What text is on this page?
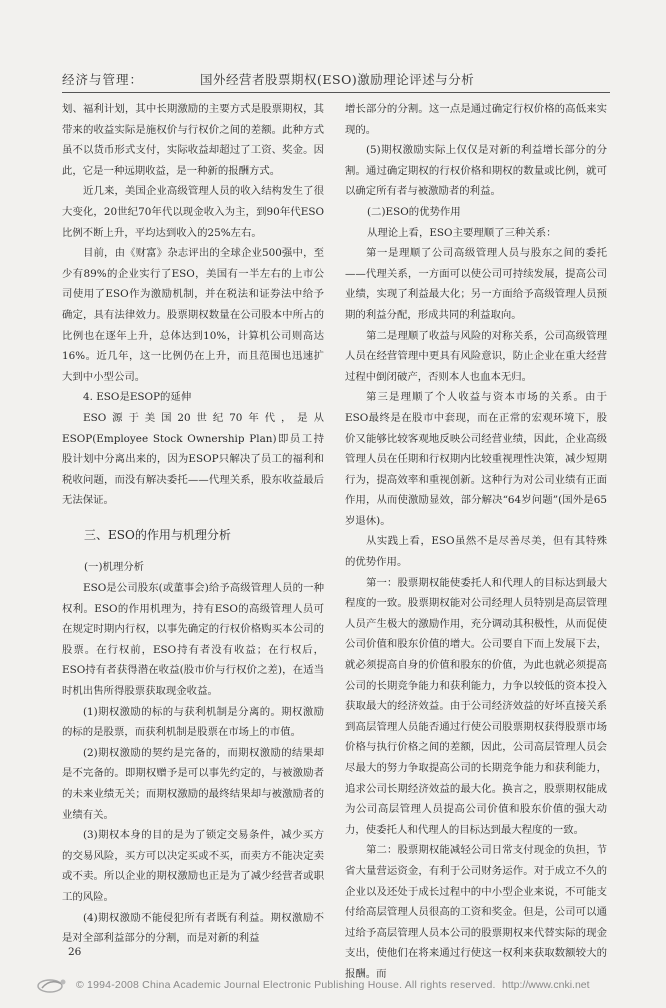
经济与管理：	国外经营者股票期权(ESO)激励理论评述与分析

划、福利计划，其中长期激励的主要方式是股票期权，其带来的收益实际是施权价与行权价之间的差额。此种方式虽不以货币形式支付，实际收益却超过了工资、奖金。因此，它是一种远期收益，是一种新的报酬方式。

近几来，美国企业高级管理人员的收入结构发生了很大变化，20世纪70年代以现金收入为主，到90年代ESO比例不断上升，平均达到收入的25%左右。

目前，由《财富》杂志评出的全球企业500强中，至少有89%的企业实行了ESO，美国有一半左右的上市公司使用了ESO作为激励机制，并在税法和证券法中给予确定，具有法律效力。股票期权数量在公司股本中所占的比例也在逐年上升，总体达到10%，计算机公司则高达16%。近几年，这一比例仍在上升，而且范围也迅速扩大到中小型公司。

4. ESO是ESOP的延伸

ESO源于美国20世纪70年代，是从ESOP(Employee Stock Ownership Plan)即员工持股计划中分离出来的，因为ESOP只解决了员工的福利和税收问题，而没有解决委托——代理关系，股东收益最后无法保证。

三、ESO的作用与机理分析

(一)机理分析

ESO是公司股东(或董事会)给予高级管理人员的一种权利。ESO的作用机理为，持有ESO的高级管理人员可在规定时期内行权，以事先确定的行权价格购买本公司的股票。在行权前，ESO持有者没有收益；在行权后，ESO持有者获得潜在收益(股市价与行权价之差)，在适当时机出售所得股票获取现金收益。

(1)期权激励的标的与获利机制是分离的。期权激励的标的是股票，而获利机制是股票在市场上的市值。

(2)期权激励的契约是完备的，而期权激励的结果却是不完备的。即期权赠予是可以事先约定的，与被激励者的未来业绩无关；而期权激励的最终结果却与被激励者的业绩有关。

(3)期权本身的目的是为了锁定交易条件，减少买方的交易风险，买方可以决定买或不买，而卖方不能决定卖或不卖。所以企业的期权激励也正是为了减少经营者或职工的风险。

(4)期权激励不能侵犯所有者既有利益。期权激励不是对全部利益部分的分割，而是对新的利益

增长部分的分割。这一点是通过确定行权价格的高低来实现的。

(5)期权激励实际上仅仅是对新的利益增长部分的分割。通过确定期权的行权价格和期权的数量或比例，就可以确定所有者与被激励者的利益。

(二)ESO的优势作用

从理论上看，ESO主要理顺了三种关系：

第一是理顺了公司高级管理人员与股东之间的委托——代理关系，一方面可以使公司可持续发展，提高公司业绩，实现了利益最大化；另一方面给予高级管理人员预期的利益分配，形成共同的利益取向。

第二是理顺了收益与风险的对称关系，公司高级管理人员在经营管理中更具有风险意识，防止企业在重大经营过程中倒闭破产，否则本人也血本无归。

第三是理顺了个人收益与资本市场的关系。由于ESO最终是在股市中套现，而在正常的宏观环境下，股价又能够比较客观地反映公司经营业绩，因此，企业高级管理人员在任期和行权期内比较重视理性决策，减少短期行为，提高效率和重视创新。这种行为对公司业绩有正面作用，从而使激励显效，部分解决“64岁问题”(国外是65岁退休)。

从实践上看，ESO虽然不是尽善尽美，但有其特殊的优势作用。

第一：股票期权能使委托人和代理人的目标达到最大程度的一致。股票期权能对公司经理人员特别是高层管理人员产生极大的激励作用，充分调动其积极性，从而促使公司价值和股东价值的增大。公司要自下而上发展下去，就必须提高自身的价值和股东的价值，为此也就必须提高公司的长期竞争能力和获利能力，力争以较低的资本投入获取最大的经济效益。由于公司经济效益的好坏直接关系到高层管理人员能否通过行使公司股票期权获得股票市场价格与执行价格之间的差额，因此，公司高层管理人员会尽最大的努力争取提高公司的长期竞争能力和获利能力，追求公司长期经济效益的最大化。换言之，股票期权能成为公司高层管理人员提高公司价值和股东价值的强大动力，使委托人和代理人的目标达到最大程度的一致。

第二：股票期权能减轻公司日常支付现金的负担，节省大量营运资金，有利于公司财务运作。对于成立不久的企业以及还处于成长过程中的中小型企业来说，不可能支付给高层管理人员很高的工资和奖金。但是，公司可以通过给予高层管理人员本公司的股票期权来代替实际的现金支出，使他们在将来通过行使这一权利来获取数额较大的报酬。而

26
© 1994-2008 China Academic Journal Electronic Publishing House. All rights reserved. http://www.cnki.net
